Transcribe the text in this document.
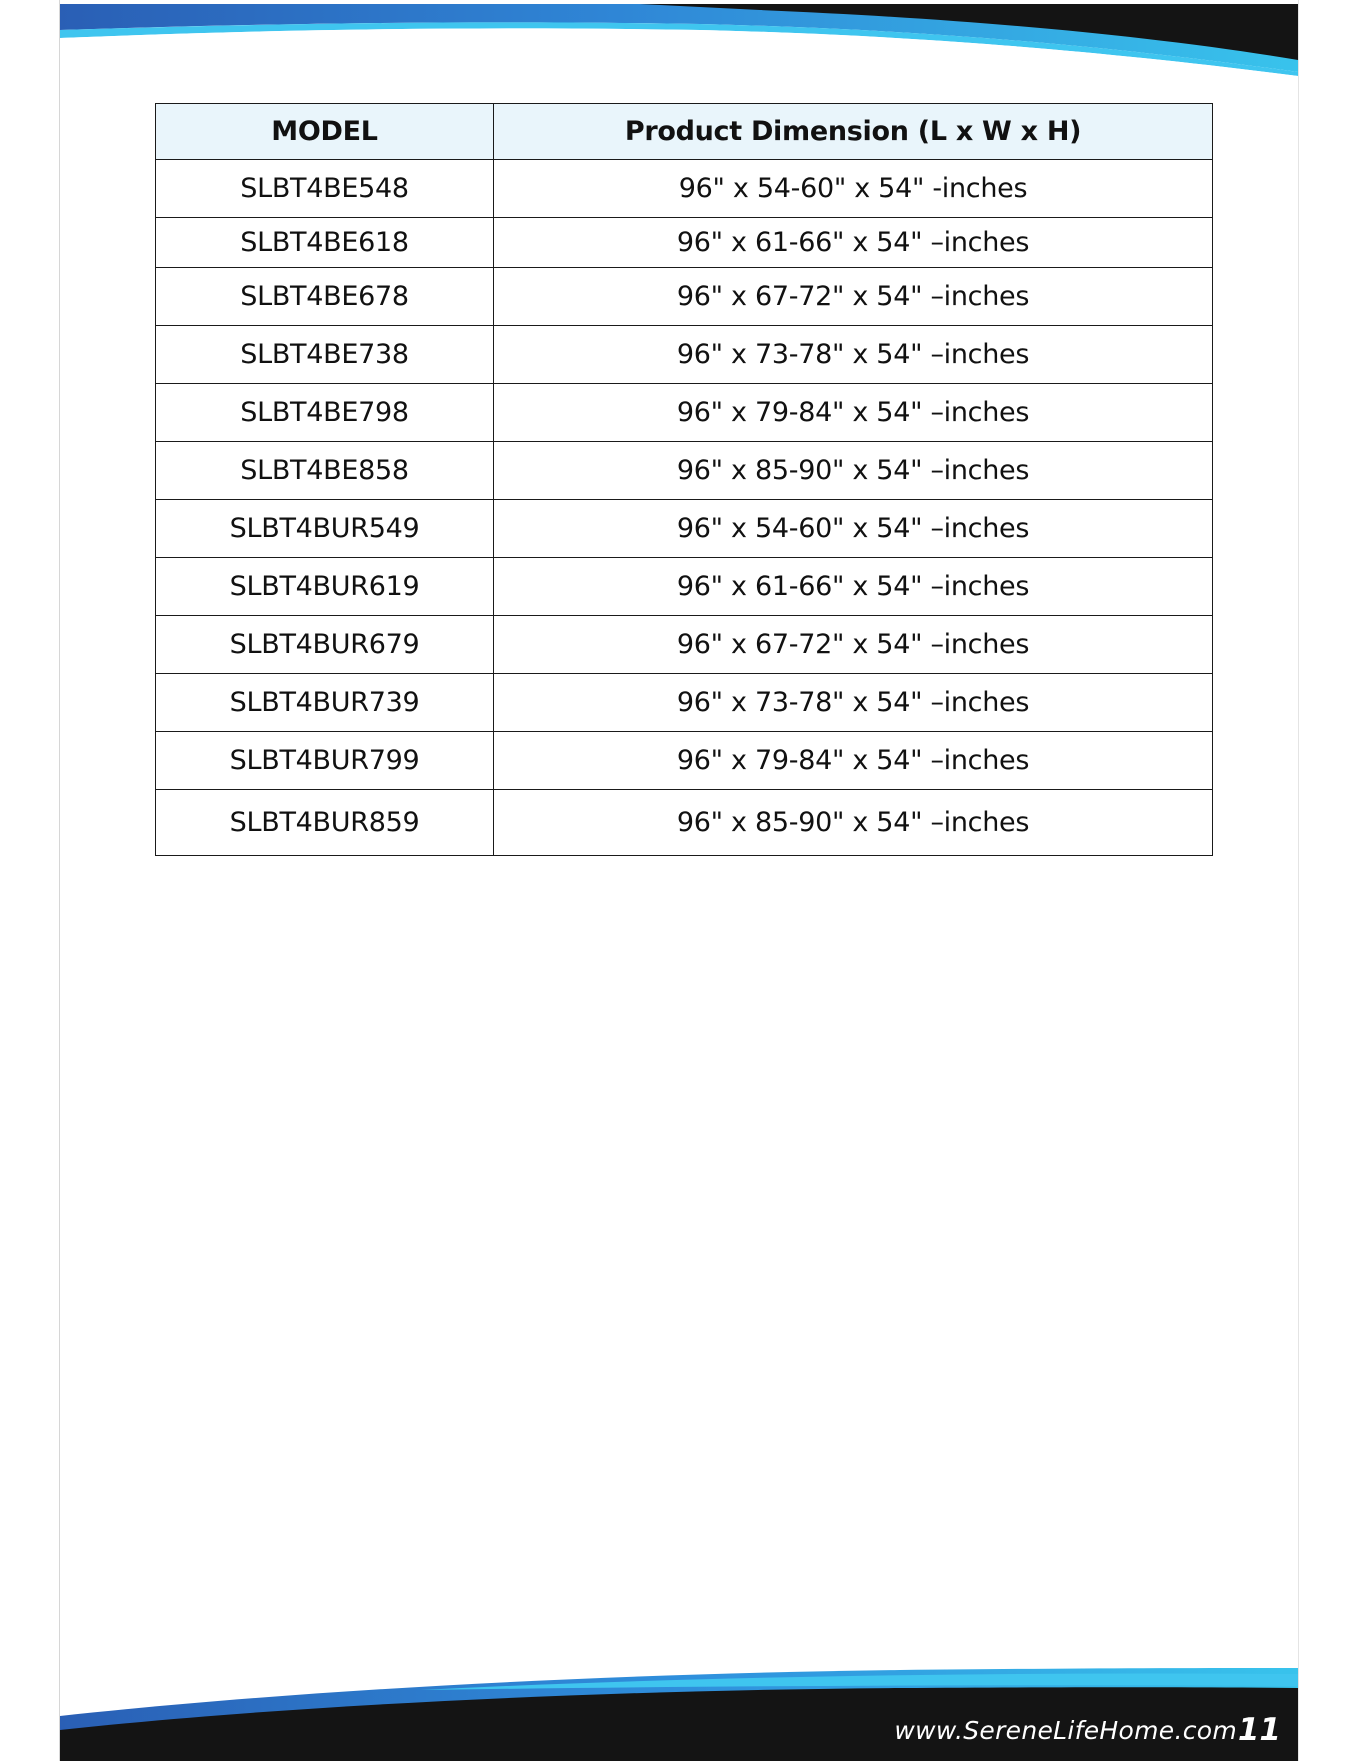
MODEL	Product Dimension (L x W x H)
SLBT4BE548	96" x 54-60" x 54" -inches
SLBT4BE618	96" x 61-66" x 54" –inches
SLBT4BE678	96" x 67-72" x 54" –inches
SLBT4BE738	96" x 73-78" x 54" –inches
SLBT4BE798	96" x 79-84" x 54" –inches
SLBT4BE858	96" x 85-90" x 54" –inches
SLBT4BUR549	96" x 54-60" x 54" –inches
SLBT4BUR619	96" x 61-66" x 54" –inches
SLBT4BUR679	96" x 67-72" x 54" –inches
SLBT4BUR739	96" x 73-78" x 54" –inches
SLBT4BUR799	96" x 79-84" x 54" –inches
SLBT4BUR859	96" x 85-90" x 54" –inches
www.SereneLifeHome.com 11
